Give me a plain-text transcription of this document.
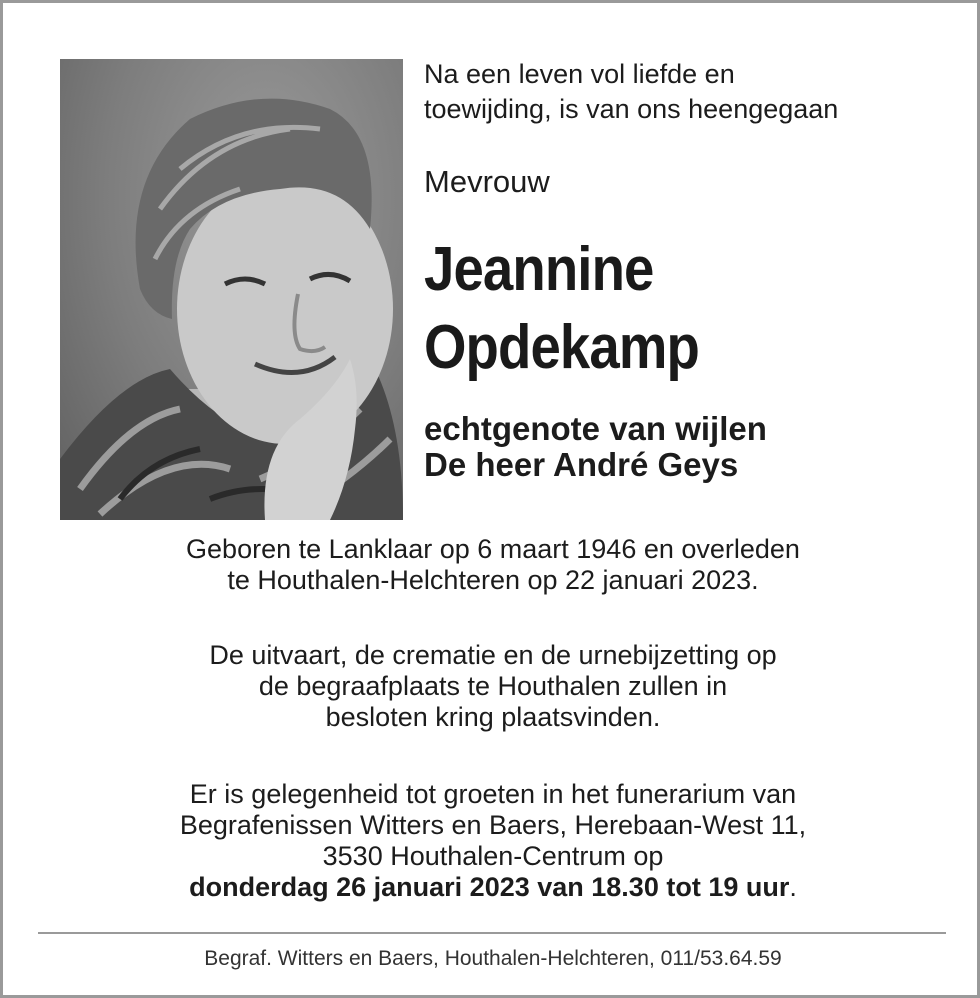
Na een leven vol liefde en
toewijding, is van ons heengegaan
Mevrouw
Jeannine
Opdekamp
echtgenote van wijlen
De heer André Geys
Geboren te Lanklaar op 6 maart 1946 en overleden
te Houthalen-Helchteren op 22 januari 2023.
De uitvaart, de crematie en de urnebijzetting op
de begraafplaats te Houthalen zullen in
besloten kring plaatsvinden.
Er is gelegenheid tot groeten in het funerarium van
Begrafenissen Witters en Baers, Herebaan-West 11,
3530 Houthalen-Centrum op
donderdag 26 januari 2023 van 18.30 tot 19 uur.
Begraf. Witters en Baers, Houthalen-Helchteren, 011/53.64.59
